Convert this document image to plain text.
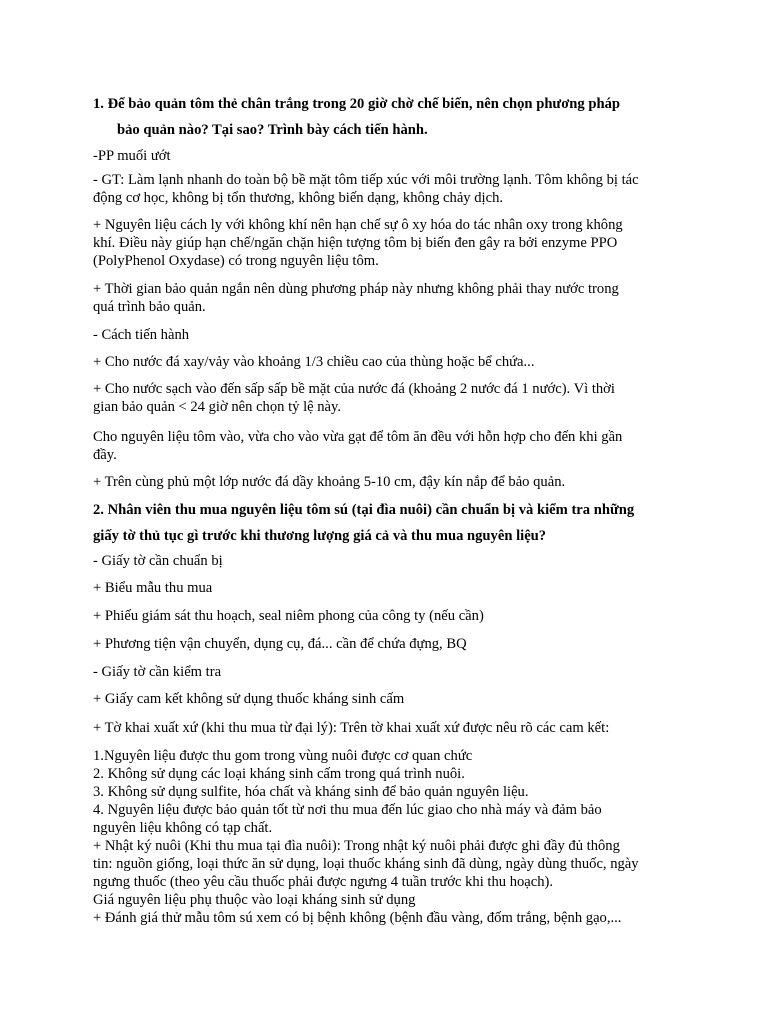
1. Để bảo quản tôm thẻ chân trắng trong 20 giờ chờ chế biến, nên chọn phương pháp
bảo quản nào? Tại sao? Trình bày cách tiến hành.
-PP muối ướt
- GT: Làm lạnh nhanh do toàn bộ bề mặt tôm tiếp xúc với môi trường lạnh. Tôm không bị tác
động cơ học, không bị tổn thương, không biến dạng, không chảy dịch.
+ Nguyên liệu cách ly với không khí nên hạn chế sự ô xy hóa do tác nhân oxy trong không
khí. Điều này giúp hạn chế/ngăn chặn hiện tượng tôm bị biến đen gây ra bởi enzyme PPO
(PolyPhenol Oxydase) có trong nguyên liệu tôm.
+ Thời gian bảo quản ngắn nên dùng phương pháp này nhưng không phải thay nước trong
quá trình bảo quản.
- Cách tiến hành
+ Cho nước đá xay/vảy vào khoảng 1/3 chiều cao của thùng hoặc bể chứa...
+ Cho nước sạch vào đến sấp sấp bề mặt của nước đá (khoảng 2 nước đá 1 nước). Vì thời
gian bảo quản < 24 giờ nên chọn tỷ lệ này.
Cho nguyên liệu tôm vào, vừa cho vào vừa gạt để tôm ăn đều với hỗn hợp cho đến khi gần
đầy.
+ Trên cùng phủ một lớp nước đá dầy khoảng 5-10 cm, đậy kín nắp để bảo quản.
2. Nhân viên thu mua nguyên liệu tôm sú (tại đìa nuôi) cần chuẩn bị và kiểm tra những
giấy tờ thủ tục gì trước khi thương lượng giá cả và thu mua nguyên liệu?
- Giấy tờ cần chuẩn bị
+ Biểu mẫu thu mua
+ Phiếu giám sát thu hoạch, seal niêm phong của công ty (nếu cần)
+ Phương tiện vận chuyển, dụng cụ, đá... cần để chứa đựng, BQ
- Giấy tờ cần kiểm tra
+ Giấy cam kết không sử dụng thuốc kháng sinh cấm
+ Tờ khai xuất xứ (khi thu mua từ đại lý): Trên tờ khai xuất xứ được nêu rõ các cam kết:
1.Nguyên liệu được thu gom trong vùng nuôi được cơ quan chức
2. Không sử dụng các loại kháng sinh cấm trong quá trình nuôi.
3. Không sử dụng sulfite, hóa chất và kháng sinh để bảo quản nguyên liệu.
4. Nguyên liệu được bảo quản tốt từ nơi thu mua đến lúc giao cho nhà máy và đảm bảo
nguyên liệu không có tạp chất.
+ Nhật ký nuôi (Khi thu mua tại đìa nuôi): Trong nhật ký nuôi phải được ghi đầy đủ thông
tin: nguồn giống, loại thức ăn sử dụng, loại thuốc kháng sinh đã dùng, ngày dùng thuốc, ngày
ngưng thuốc (theo yêu cầu thuốc phải được ngưng 4 tuần trước khi thu hoạch).
Giá nguyên liệu phụ thuộc vào loại kháng sinh sử dụng
+ Đánh giá thử mẫu tôm sú xem có bị bệnh không (bệnh đầu vàng, đốm trắng, bệnh gạo,...
